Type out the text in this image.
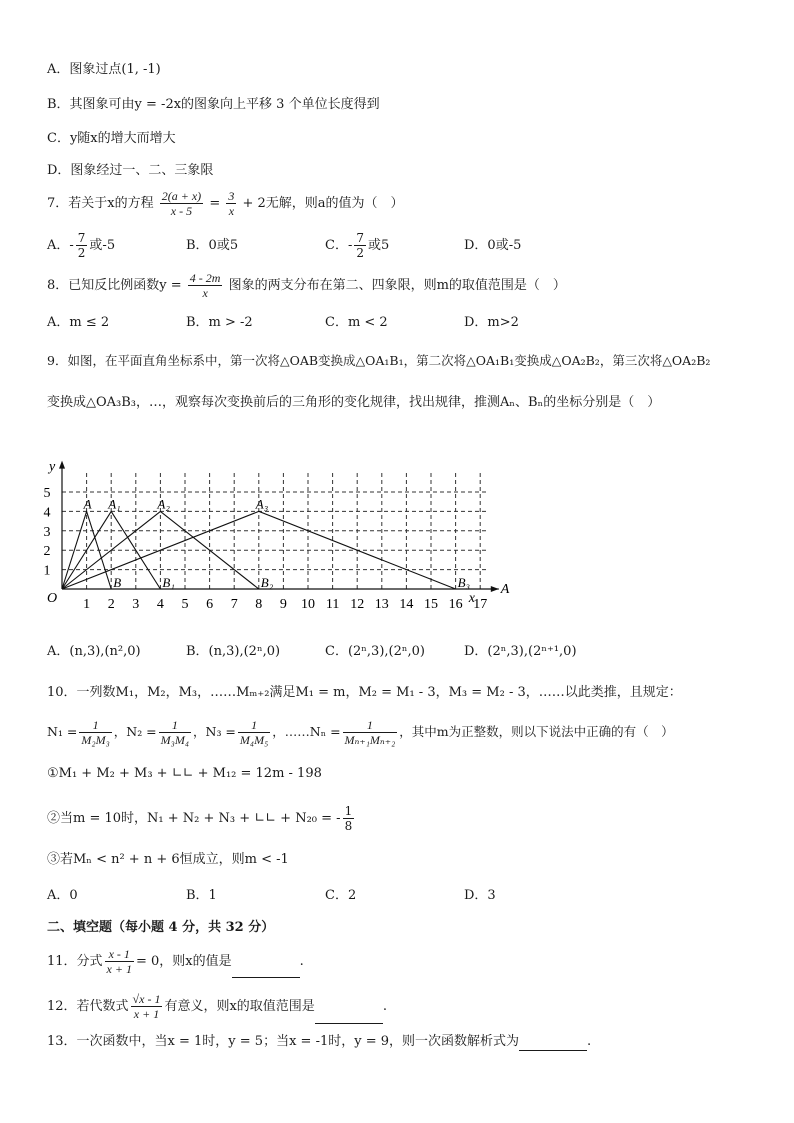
A．图象过点(1, -1)
B．其图象可由y = -2x的图象向上平移 3 个单位长度得到
C．y随x的增大而增大
D．图象经过一、二、三象限
7．若关于x的方程 $\frac{2(a + x)}{x - 5} = \frac{3}{x} + 2$无解，则a的值为（　）
A．- $\frac{7}{2}$ 或-5	B．0或5	C．- $\frac{7}{2}$ 或5	D．0或-5
8．已知反比例函数$y = \frac{4 - 2m}{x}$ 图象的两支分布在第二、四象限，则m的取值范围是（　）
A．m ≤ 2	B．m > -2	C．m < 2	D．m>2
9．如图，在平面直角坐标系中，第一次将△OAB变换成△OA₁B₁，第二次将△OA₁B₁变换成△OA₂B₂，第三次将△OA₂B₂
变换成△OA₃B₃，…，观察每次变换前后的三角形的变化规律，找出规律，推测Aₙ、Bₙ的坐标分别是（　）
y
x
A
O 1 2 3 4 5 6 7 8 9 10 11 12 13 14 15 16 17
1
2
3
4
5
A A₁	A₂	A₃
B	B₁	B₂	B₃
A．(n,3),(n²,0)	B．(n,3),(2ⁿ,0)	C．(2ⁿ,3),(2ⁿ,0)	D．(2ⁿ,3),(2ⁿ⁺¹,0)
10．一列数M₁，M₂，M₃，……Mₘ₊₂满足M₁ = m，M₂ = M₁ - 3，M₃ = M₂ - 3，……以此类推，且规定：
$N_1 = \frac{1}{\text{M₂M₃}}$ ，$N_2 = \frac{1}{\text{M₃M₄}}$ ，$N_3 = \frac{1}{\text{M₄M₅}}$ ，……Nₙ = $\frac{1}{\text{Mₙ₊₁Mₙ₊₂}}$ ，其中m为正整数，则以下说法中正确的有（　）
①M₁ + M₂ + M₃ + ∟∟ + M₁₂ = 12m - 198
②当m = 10时，N₁ + N₂ + N₃ + ∟∟ + N₂₀ = - $\frac{1}{8}$
③若Mₙ < n² + n + 6恒成立，则m < -1
A．0	B．1	C．2	D．3
二、填空题（每小题 4 分，共 32 分）
11．分式 $\frac{x - 1}{x + 1} = 0$，则x的值是	.
12．若代数式 $\frac{√x - 1}{x + 1}$ 有意义，则x的取值范围是	.
13．一次函数中，当x = 1时，y = 5；当x = -1时，y = 9，则一次函数解析式为	.
